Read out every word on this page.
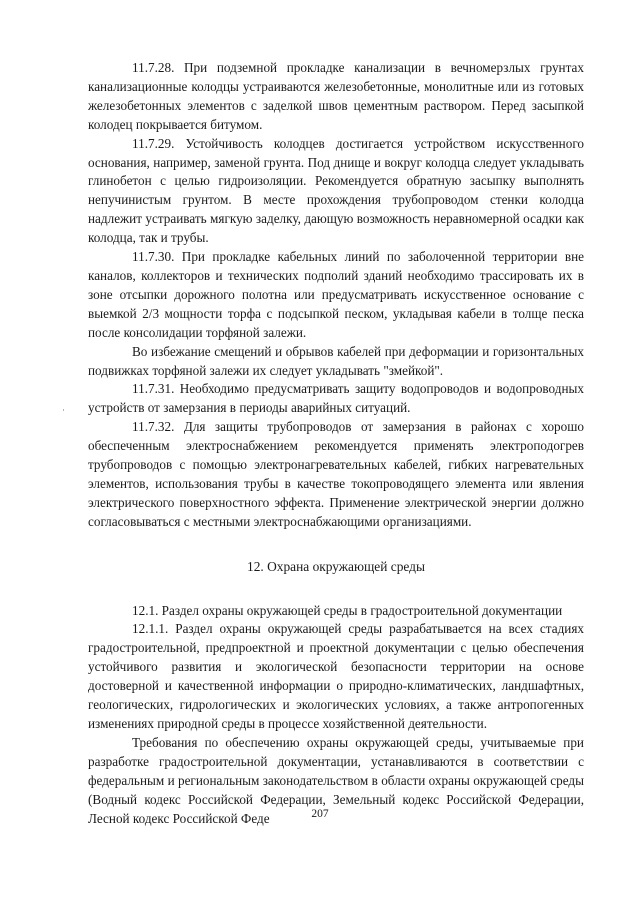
11.7.28. При подземной прокладке канализации в вечномерзлых грунтах канализационные колодцы устраиваются железобетонные, монолитные или из готовых железобетонных элементов с заделкой швов цементным раствором. Перед засыпкой колодец покрывается битумом.

11.7.29. Устойчивость колодцев достигается устройством искусственного основания, например, заменой грунта. Под днище и вокруг колодца следует укладывать глинобетон с целью гидроизоляции. Рекомендуется обратную засыпку выполнять непучинистым грунтом. В месте прохождения трубопроводом стенки колодца надлежит устраивать мягкую заделку, дающую возможность неравномерной осадки как колодца, так и трубы.

11.7.30. При прокладке кабельных линий по заболоченной территории вне каналов, коллекторов и технических подполий зданий необходимо трассировать их в зоне отсыпки дорожного полотна или предусматривать искусственное основание с выемкой 2/3 мощности торфа с подсыпкой песком, укладывая кабели в толще песка после консолидации торфяной залежи.

Во избежание смещений и обрывов кабелей при деформации и горизонтальных подвижках торфяной залежи их следует укладывать "змейкой".

11.7.31. Необходимо предусматривать защиту водопроводов и водопроводных устройств от замерзания в периоды аварийных ситуаций.

11.7.32. Для защиты трубопроводов от замерзания в районах с хорошо обеспеченным электроснабжением рекомендуется применять электроподогрев трубопроводов с помощью электронагревательных кабелей, гибких нагревательных элементов, использования трубы в качестве токопроводящего элемента или явления электрического поверхностного эффекта. Применение электрической энергии должно согласовываться с местными электроснабжающими организациями.

12. Охрана окружающей среды

12.1. Раздел охраны окружающей среды в градостроительной документации

12.1.1. Раздел охраны окружающей среды разрабатывается на всех стадиях градостроительной, предпроектной и проектной документации с целью обеспечения устойчивого развития и экологической безопасности территории на основе достоверной и качественной информации о природно-климатических, ландшафтных, геологических, гидрологических и экологических условиях, а также антропогенных изменениях природной среды в процессе хозяйственной деятельности.

Требования по обеспечению охраны окружающей среды, учитываемые при разработке градостроительной документации, устанавливаются в соответствии с федеральным и региональным законодательством в области охраны окружающей среды (Водный кодекс Российской Федерации, Земельный кодекс Российской Федерации, Лесной кодекс Российской Феде	207
